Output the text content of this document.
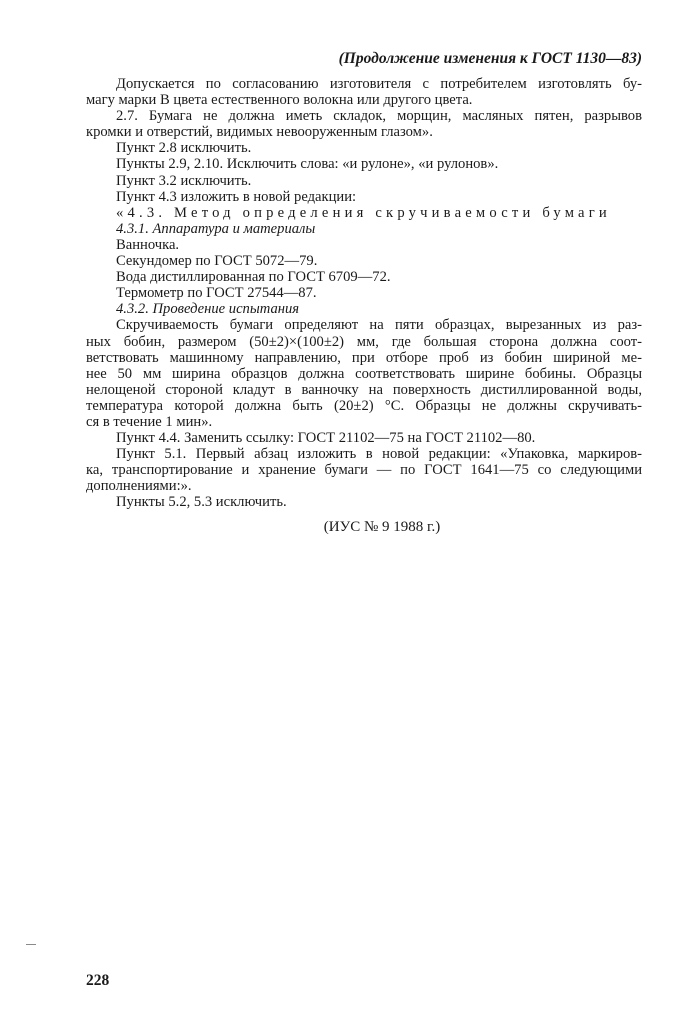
(Продолжение изменения к ГОСТ 1130—83)
Допускается по согласованию изготовителя с потребителем изготовлять бу-
магу марки В цвета естественного волокна или другого цвета.
2.7. Бумага не должна иметь складок, морщин, масляных пятен, разрывов
кромки и отверстий, видимых невооруженным глазом».
Пункт 2.8 исключить.
Пункты 2.9, 2.10. Исключить слова: «и рулоне», «и рулонов».
Пункт 3.2 исключить.
Пункт 4.3 изложить в новой редакции:
«4.3. Метод определения скручиваемости бумаги
4.3.1. Аппаратура и материалы
Ванночка.
Секундомер по ГОСТ 5072—79.
Вода дистиллированная по ГОСТ 6709—72.
Термометр по ГОСТ 27544—87.
4.3.2. Проведение испытания
Скручиваемость бумаги определяют на пяти образцах, вырезанных из раз-
ных бобин, размером (50±2)×(100±2) мм, где большая сторона должна соот-
ветствовать машинному направлению, при отборе проб из бобин шириной ме-
нее 50 мм ширина образцов должна соответствовать ширине бобины. Образцы
нелощеной стороной кладут в ванночку на поверхность дистиллированной воды,
температура которой должна быть (20±2) °С. Образцы не должны скручивать-
ся в течение 1 мин».
Пункт 4.4. Заменить ссылку: ГОСТ 21102—75 на ГОСТ 21102—80.
Пункт 5.1. Первый абзац изложить в новой редакции: «Упаковка, маркиров-
ка, транспортирование и хранение бумаги — по ГОСТ 1641—75 со следующими
дополнениями:».
Пункты 5.2, 5.3 исключить.
(ИУС № 9 1988 г.)
228
